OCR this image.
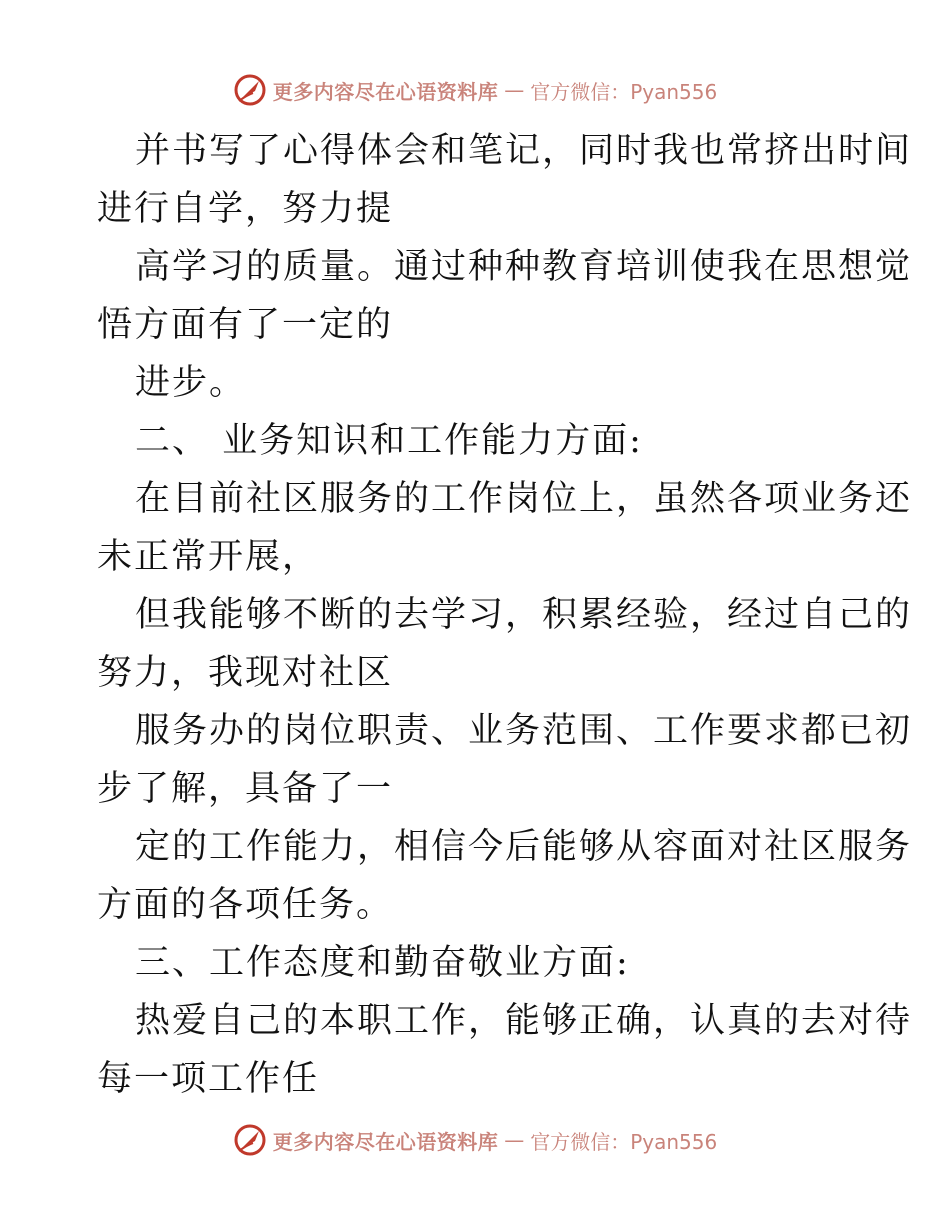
更多内容尽在心语资料库 — 官方微信：Pyan556

并书写了心得体会和笔记，同时我也常挤出时间

进行自学，努力提

高学习的质量。通过种种教育培训使我在思想觉

悟方面有了一定的

进步。

二、 业务知识和工作能力方面:

在目前社区服务的工作岗位上，虽然各项业务还

未正常开展，

但我能够不断的去学习，积累经验，经过自己的

努力，我现对社区

服务办的岗位职责、业务范围、工作要求都已初

步了解，具备了一

定的工作能力，相信今后能够从容面对社区服务

方面的各项任务。

三、工作态度和勤奋敬业方面:

热爱自己的本职工作，能够正确，认真的去对待

每一项工作任

更多内容尽在心语资料库 — 官方微信：Pyan556
